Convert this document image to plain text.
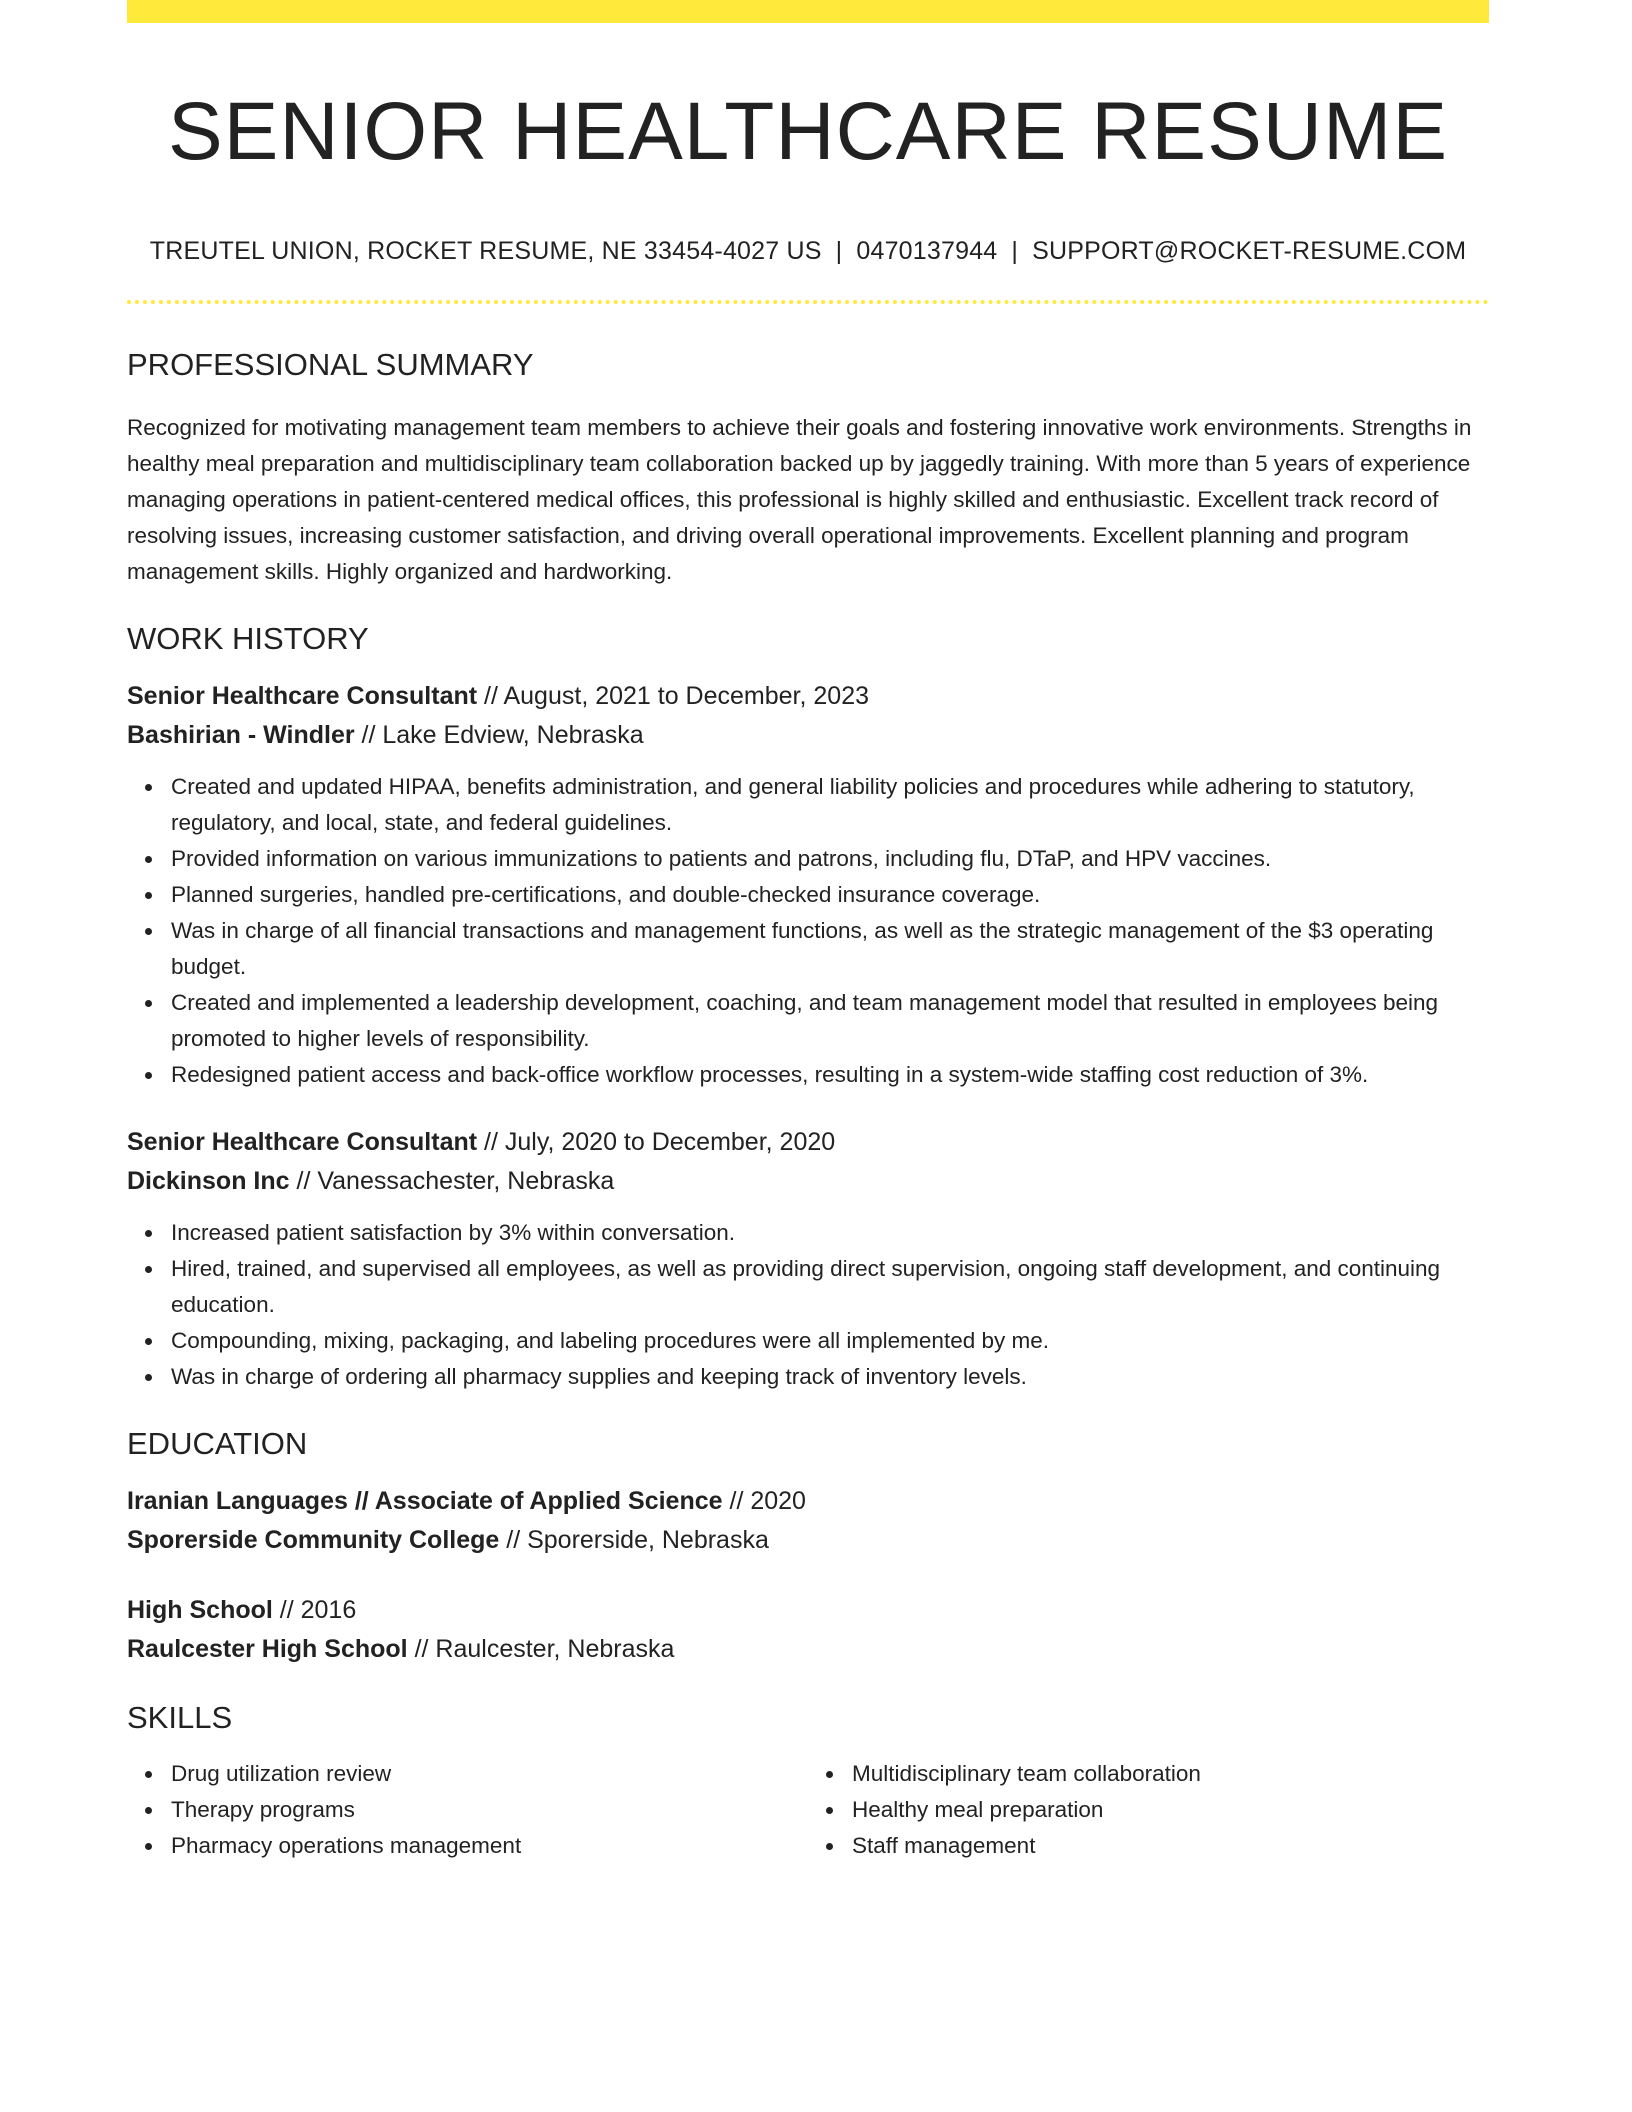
SENIOR HEALTHCARE RESUME
TREUTEL UNION, ROCKET RESUME, NE 33454-4027 US | 0470137944 | SUPPORT@ROCKET-RESUME.COM
PROFESSIONAL SUMMARY

Recognized for motivating management team members to achieve their goals and fostering innovative work environments. Strengths in healthy meal preparation and multidisciplinary team collaboration backed up by jaggedly training. With more than 5 years of experience managing operations in patient-centered medical offices, this professional is highly skilled and enthusiastic. Excellent track record of resolving issues, increasing customer satisfaction, and driving overall operational improvements. Excellent planning and program management skills. Highly organized and hardworking.

WORK HISTORY
Senior Healthcare Consultant // August, 2021 to December, 2023
Bashirian - Windler // Lake Edview, Nebraska
Created and updated HIPAA, benefits administration, and general liability policies and procedures while adhering to statutory, regulatory, and local, state, and federal guidelines.
Provided information on various immunizations to patients and patrons, including flu, DTaP, and HPV vaccines.
Planned surgeries, handled pre-certifications, and double-checked insurance coverage.
Was in charge of all financial transactions and management functions, as well as the strategic management of the $3 operating budget.
Created and implemented a leadership development, coaching, and team management model that resulted in employees being promoted to higher levels of responsibility.
Redesigned patient access and back-office workflow processes, resulting in a system-wide staffing cost reduction of 3%.
Senior Healthcare Consultant // July, 2020 to December, 2020
Dickinson Inc // Vanessachester, Nebraska
Increased patient satisfaction by 3% within conversation.
Hired, trained, and supervised all employees, as well as providing direct supervision, ongoing staff development, and continuing education.
Compounding, mixing, packaging, and labeling procedures were all implemented by me.
Was in charge of ordering all pharmacy supplies and keeping track of inventory levels.
EDUCATION
Iranian Languages // Associate of Applied Science // 2020
Sporerside Community College // Sporerside, Nebraska
High School // 2016
Raulcester High School // Raulcester, Nebraska
SKILLS
Drug utilization review
Therapy programs
Pharmacy operations management
Multidisciplinary team collaboration
Healthy meal preparation
Staff management
